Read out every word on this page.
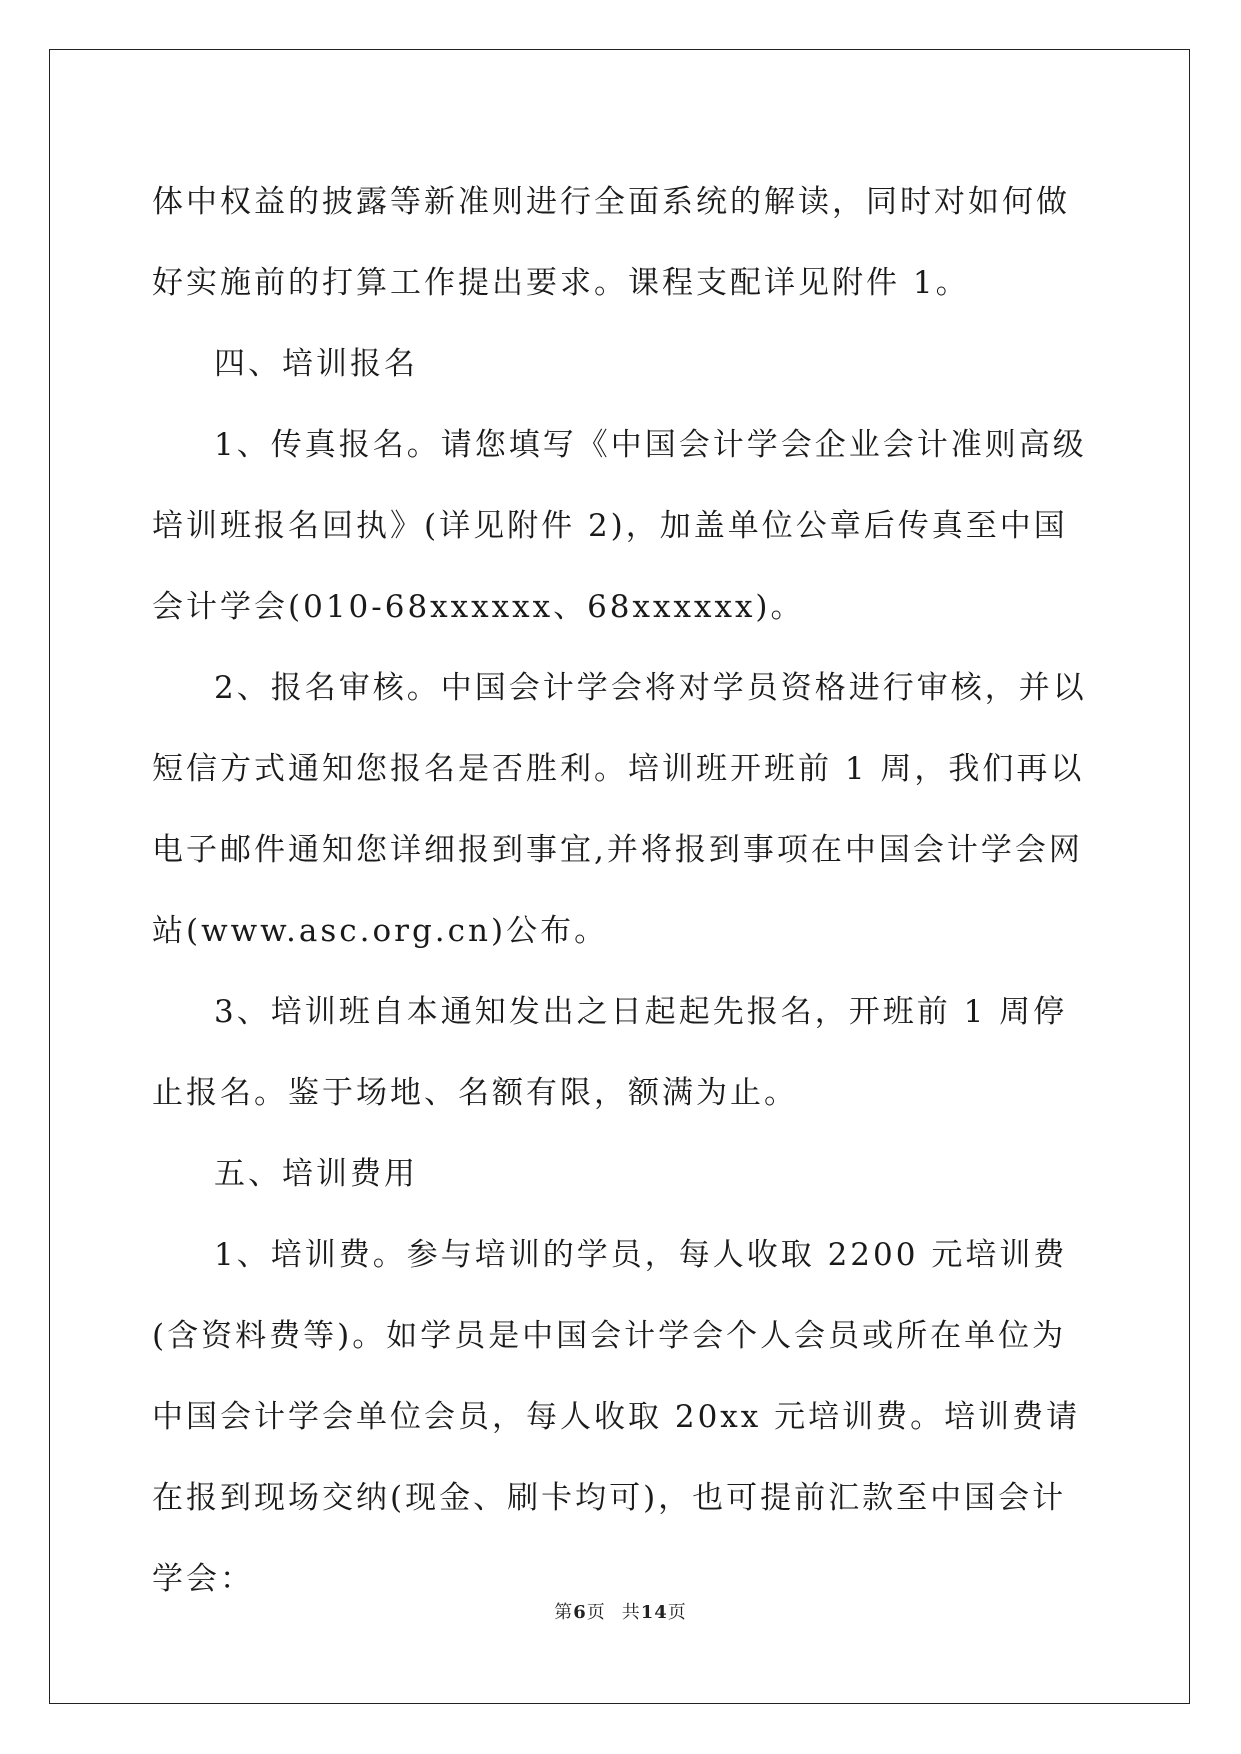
体中权益的披露等新准则进行全面系统的解读，同时对如何做好实施前的打算工作提出要求。课程支配详见附件 1。

四、培训报名

1、传真报名。请您填写《中国会计学会企业会计准则高级培训班报名回执》(详见附件 2)，加盖单位公章后传真至中国会计学会(010-68xxxxxx、68xxxxxx)。

2、报名审核。中国会计学会将对学员资格进行审核，并以短信方式通知您报名是否胜利。培训班开班前 1 周，我们再以电子邮件通知您详细报到事宜,并将报到事项在中国会计学会网站(www.asc.org.cn)公布。

3、培训班自本通知发出之日起起先报名，开班前 1 周停止报名。鉴于场地、名额有限，额满为止。

五、培训费用

1、培训费。参与培训的学员，每人收取 2200 元培训费(含资料费等)。如学员是中国会计学会个人会员或所在单位为中国会计学会单位会员，每人收取 20xx 元培训费。培训费请在报到现场交纳(现金、刷卡均可)，也可提前汇款至中国会计学会：

第6页 共14页
